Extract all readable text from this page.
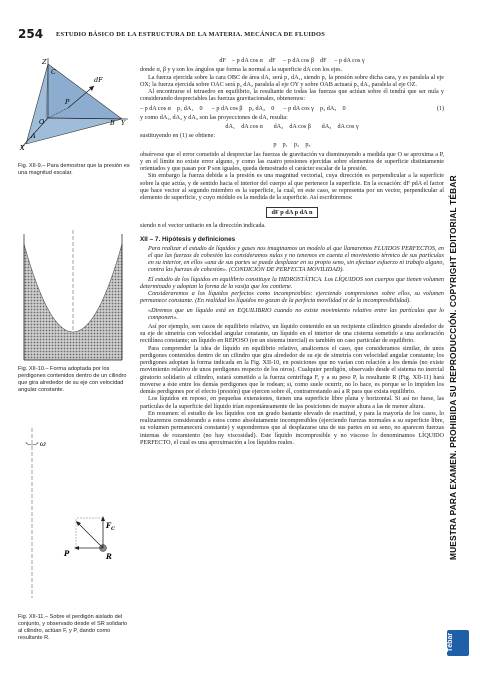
254 ESTUDIO BÁSICO DE LA ESTRUCTURA DE LA MATERIA. MECÁNICA DE FLUIDOS
Z
C
dF
P
O	B Y
A
X
Fig. XII-9.– Para demostrar que la presión es una magnitud escalar.
Fig. XII-10.– Forma adoptada por los perdigones contenidos dentro de un cilindro que gira alrededor de su eje con velocidad angular constante.
ω
$F_C$
P	R
Fig. XII-11.– Sobre el perdigón aislado del conjunto, y observado desde el SR solidario al cilindro, actúan F, y P, dando como resultante R.
dF    – p dA cos α    dF     – p dA cos β    dF     – p dA cos γ

donde α, β y γ son los ángulos que forma la normal a la superficie dA con los ejes.

La fuerza ejercida sobre la cara OBC de área dA₁ será p₁ dA₁, siendo p₁ la presión sobre dicha cara, y es paralela al eje OX; la fuerza ejercida sobre OAC será p₂ dA₂ paralela al eje OY y sobre OAB actuará p₃ dA₃ paralela al eje OZ.

Al encontrarse el tetraedro en equilibrio, la resultante de todas las fuerzas que actúan sobre él tendrá que ser nula y considerando despreciables las fuerzas gravitacionales, obtenemos:

– p dA cos α    p₁ dA₁    0      – p dA cos β    p₂ dA₂    0      – p dA cos γ    p₃ dA₃    0	(1)

y como dA₁, dA₂ y dA₃ son las proyecciones de dA, resulta:

dA₁    dA cos α       dA₂    dA cos β       dA₃    dA cos γ

sustituyendo en (1) se obtiene:

p    p₁    p₂    p₃

obsérvese que el error cometido al despreciar las fuerzas de gravitación va disminuyendo a medida que O se aproxima a P, y en el límite no existe error alguno, y como las cuatro presiones ejercidas sobre elementos de superficie distintamente orientados y que pasan por P son iguales, queda demostrado el carácter escalar de la presión.

Sin embargo la fuerza debida a la presión es una magnitud vectorial, cuya dirección es perpendicular a la superficie sobre la que actúa, y de sentido hacia el interior del cuerpo al que pertenece la superficie. En la ecuación: dF pdA el factor que hace vector al segundo miembro es la superficie, la cual, en este caso, se representa por un vector, perpendicular al elemento de superficie, y cuyo módulo es la medida de la superficie. Así escribiremos:

dF p dA p dA n

siendo n el vector unitario en la dirección indicada.

XII – 7. Hipótesis y definiciones

Para realizar el estudio de líquidos y gases nos imaginamos un modelo al que llamaremos FLUIDOS PERFECTOS, en el que las fuerzas de cohesión las consideramos nulas y no tenemos en cuenta el movimiento térmico de sus partículas en su interior, en ellos «una de sus partes se puede desplazar en su propio seno, sin efectuar esfuerzo ni trabajo alguno, contra las fuerzas de cohesión». (CONDICIÓN DE PERFECTA MOVILIDAD).

El estudio de los líquidos en equilibrio constituye la HIDROSTÁTICA. Los LÍQUIDOS son cuerpos que tienen volumen determinado y adoptan la forma de la vasija que los contiene.

Consideraremos a los líquidos perfectos como incompresibles: ejerciendo compresiones sobre ellos, su volumen permanece constante. (En realidad los líquidos no gozan de la perfecta movilidad ni de la incompresibilidad).

«Diremos que un líquido está en EQUILIBRIO cuando no existe movimiento relativo entre las partículas que lo componen».

Así por ejemplo, son casos de equilibrio relativo, un líquido contenido en un recipiente cilíndrico girando alrededor de su eje de simetría con velocidad angular constante, un líquido en el interior de una cisterna sometido a una aceleración rectilínea constante; un líquido en REPOSO (en un sistema inercial) es también un caso particular de equilibrio.

Para comprender la idea de líquido en equilibrio relativo, analicemos el caso, que consideramos similar, de unos perdigones contenidos dentro de un cilindro que gira alrededor de su eje de simetría con velocidad angular constante; los perdigones adoptan la forma indicada en la Fig. XII-10, en posiciones que no varían con relación a los demás (no existe movimiento relativo de unos perdigones respecto de los otros). Cualquier perdigón, observado desde el sistema no inercial giratorio solidario al cilindro, estará sometido a la fuerza centrífuga F, y a su peso P, la resultante R (Fig. XII-11) hará moverse a éste entre los demás perdigones que le rodean; si, como suele ocurrir, no lo hace, es porque se lo impiden los demás perdigones por el efecto (presión) que ejercen sobre él, contrarrestando así a R para que exista equilibrio.

Los líquidos en reposo, en pequeñas extensiones, tienen una superficie libre plana y horizontal. Si así no fuese, las partículas de la superficie del líquido irían espontáneamente de las posiciones de mayor altura a las de menor altura.

En resumen: el estudio de los líquidos con un grado bastante elevado de exactitud, y para la mayoría de los casos, lo realizaremos considerando a estos como absolutamente incompresibles (ejerciendo fuerzas normales a su superficie libre, su volumen permanecerá constante) y supondremos que al desplazarse una de sus partes en su seno, no aparecen fuerzas internas de rozamiento (no hay viscosidad). Este líquido incompresible y no viscoso lo denominamos LÍQUIDO PERFECTO, el cual es una aproximación a los líquidos reales.	MUESTRA PARA EXAMEN. PROHIBIDA SU REPRODUCCIÓN. COPYRIGHT EDITORIAL TÉBAR
Tébar
